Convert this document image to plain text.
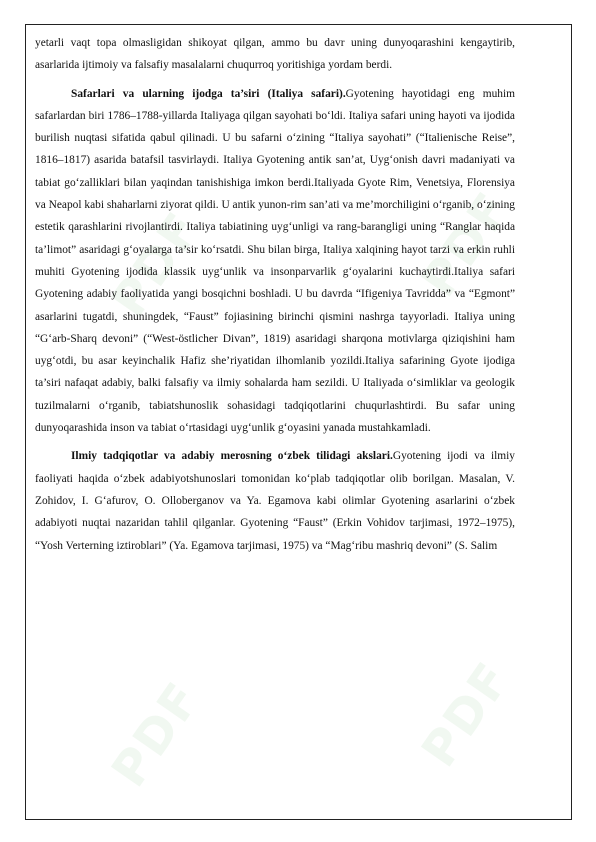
PDF	PDF
PDF	PDF

yetarli vaqt topa olmasligidan shikoyat qilgan, ammo bu davr uning dunyoqarashini kengaytirib, asarlarida ijtimoiy va falsafiy masalalarni chuqurroq yoritishiga yordam berdi.

Safarlari va ularning ijodga ta’siri (Italiya safari).Gyotening hayotidagi eng muhim safarlardan biri 1786–1788-yillarda Italiyaga qilgan sayohati bo‘ldi. Italiya safari uning hayoti va ijodida burilish nuqtasi sifatida qabul qilinadi. U bu safarni o‘zining “Italiya sayohati” (“Italienische Reise”, 1816–1817) asarida batafsil tasvirlaydi. Italiya Gyotening antik san’at, Uyg‘onish davri madaniyati va tabiat go‘zalliklari bilan yaqindan tanishishiga imkon berdi.Italiyada Gyote Rim, Venetsiya, Florensiya va Neapol kabi shaharlarni ziyorat qildi. U antik yunon-rim san’ati va me’morchiligini o‘rganib, o‘zining estetik qarashlarini rivojlantirdi. Italiya tabiatining uyg‘unligi va rang-barangligi uning “Ranglar haqida ta’limot” asaridagi g‘oyalarga ta’sir ko‘rsatdi. Shu bilan birga, Italiya xalqining hayot tarzi va erkin ruhli muhiti Gyotening ijodida klassik uyg‘unlik va insonparvarlik g‘oyalarini kuchaytirdi.Italiya safari Gyotening adabiy faoliyatida yangi bosqichni boshladi. U bu davrda “Ifigeniya Tavridda” va “Egmont” asarlarini tugatdi, shuningdek, “Faust” fojiasining birinchi qismini nashrga tayyorladi. Italiya uning “G‘arb-Sharq devoni” (“West-östlicher Divan”, 1819) asaridagi sharqona motivlarga qiziqishini ham uyg‘otdi, bu asar keyinchalik Hafiz she’riyatidan ilhomlanib yozildi.Italiya safarining Gyote ijodiga ta’siri nafaqat adabiy, balki falsafiy va ilmiy sohalarda ham sezildi. U Italiyada o‘simliklar va geologik tuzilmalarni o‘rganib, tabiatshunoslik sohasidagi tadqiqotlarini chuqurlashtirdi. Bu safar uning dunyoqarashida inson va tabiat o‘rtasidagi uyg‘unlik g‘oyasini yanada mustahkamladi.

Ilmiy tadqiqotlar va adabiy merosning o‘zbek tilidagi akslari.Gyotening ijodi va ilmiy faoliyati haqida o‘zbek adabiyotshunoslari tomonidan ko‘plab tadqiqotlar olib borilgan. Masalan, V. Zohidov, I. G‘afurov, O. Olloberganov va Ya. Egamova kabi olimlar Gyotening asarlarini o‘zbek adabiyoti nuqtai nazaridan tahlil qilganlar. Gyotening “Faust” (Erkin Vohidov tarjimasi, 1972–1975), “Yosh Verterning iztiroblari” (Ya. Egamova tarjimasi, 1975) va “Mag‘ribu mashriq devoni” (S. Salim
